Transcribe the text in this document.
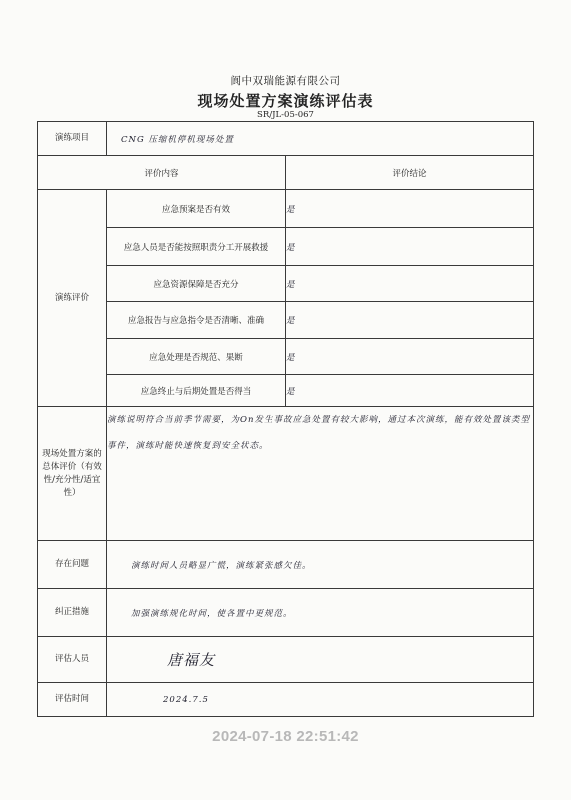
阆中双瑞能源有限公司
现场处置方案演练评估表
SR/JL-05-067
演练项目	CNG 压缩机停机现场处置	
评价内容		评价结论
演练评价	应急预案是否有效	是
	应急人员是否能按照职责分工开展救援	是
	应急资源保障是否充分	是
	应急报告与应急指令是否清晰、准确	是
	应急处理是否规范、果断	是
	应急终止与后期处置是否得当	是
现场处置方案的总体评价（有效性/充分性/适宜性）	演练说明符合当前季节需要，为On发生事故应急处置有较大影响，通过本次演练，能有效处置该类型事件，演练时能快速恢复到安全状态。	
存在问题	演练时间人员略显广慌，演练紧张感欠佳。	
纠正措施	加强演练规化时间，使各置中更规范。	
评估人员	唐福友	
评估时间	2024.7.5	
2024-07-18 22:51:42
